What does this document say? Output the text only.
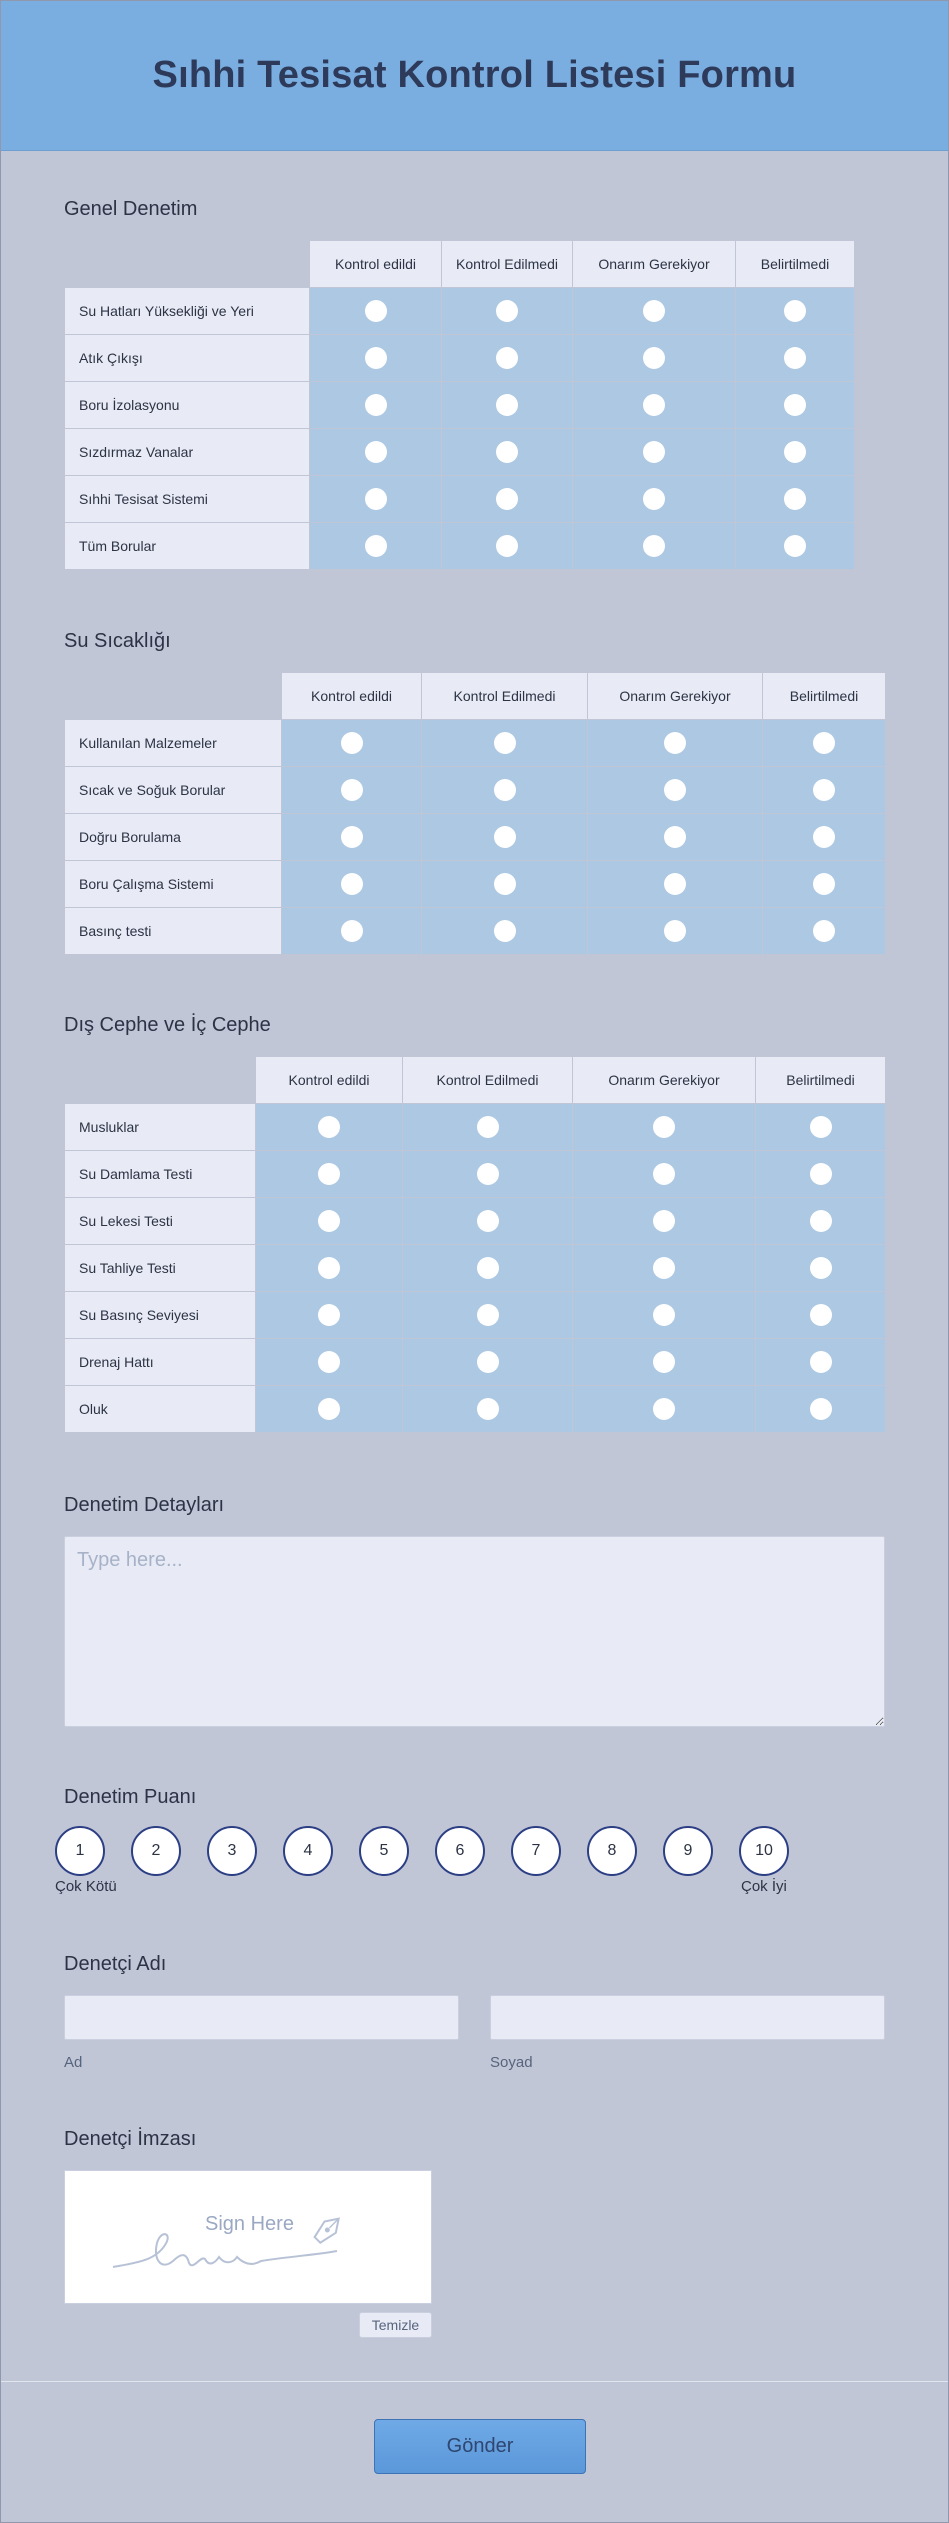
Sıhhi Tesisat Kontrol Listesi Formu
Genel Denetim
	Kontrol edildi	Kontrol Edilmedi	Onarım Gerekiyor	Belirtilmedi
Su Hatları Yüksekliği ve Yeri				
Atık Çıkışı				
Boru İzolasyonu				
Sızdırmaz Vanalar				
Sıhhi Tesisat Sistemi				
Tüm Borular				
Su Sıcaklığı
	Kontrol edildi	Kontrol Edilmedi	Onarım Gerekiyor	Belirtilmedi
Kullanılan Malzemeler				
Sıcak ve Soğuk Borular				
Doğru Borulama				
Boru Çalışma Sistemi				
Basınç testi				
Dış Cephe ve İç Cephe
	Kontrol edildi	Kontrol Edilmedi	Onarım Gerekiyor	Belirtilmedi
Musluklar				
Su Damlama Testi				
Su Lekesi Testi				
Su Tahliye Testi				
Su Basınç Seviyesi				
Drenaj Hattı				
Oluk				
Denetim Detayları
Type here...
Denetim Puanı
1	2	3	4	5	6	7	8	9	10
Çok Kötü	Çok İyi
Denetçi Adı
Ad	Soyad
Denetçi İmzası
Sign Here
Temizle
Gönder
